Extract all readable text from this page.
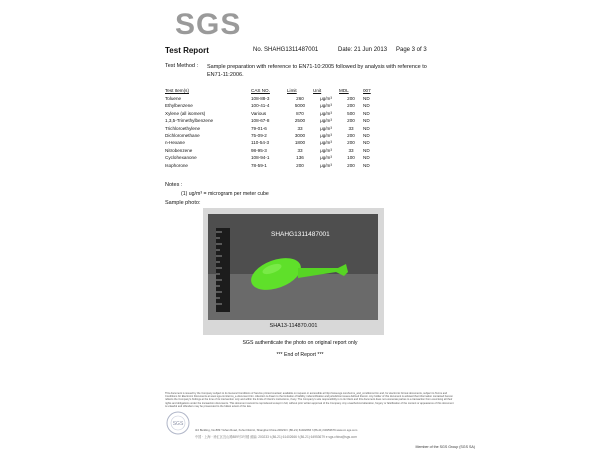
SGS
Test Report	No. SHAHG1311487001	Date: 21 Jun 2013 Page 3 of 3
Test Method : Sample preparation with reference to EN71-10:2005 followed by analysis with reference to EN71-11:2006.
Test Item(s)	CAS NO.	Limit	Unit	MDL	007
Toluene	108-88-3	260	μg/m³	200	ND
Ethylbenzene	100-41-4	5000	μg/m³	200	ND
Xylene (all isomers)	Various	870	μg/m³	500	ND
1,3,5-Trimethylbenzene	108-67-8	2500	μg/m³	200	ND
Trichloroethylene	79-01-6	33	μg/m³	33	ND
Dichloromethane	75-09-2	3000	μg/m³	200	ND
n-Hexane	110-54-3	1800	μg/m³	200	ND
Nitrobenzene	98-95-3	33	μg/m³	33	ND
Cyclohexanone	108-94-1	136	μg/m³	100	ND
Isophorone	78-59-1	200	μg/m³	200	ND
Notes :
(1) ug/m³ = microgram per meter cube
Sample photo:
SHAHG1311487001
SHA13-114870.001
SGS authenticate the photo on original report only
*** End of Report ***
This document is issued by the Company subject to its General Conditions of Service printed overleaf, available on request or accessible at http://www.sgs.com/terms_and_conditions.htm and, for electronic format documents, subject to Terms and Conditions for Electronic Documents at www.sgs.com/terms_e-document.htm. Attention is drawn to the limitation of liability, indemnification and jurisdiction issues defined therein. Any holder of this document is advised that information contained hereon reflects the Company's findings at the time of its intervention only and within the limits of Client's instructions, if any. The Company's sole responsibility is to its Client and this document does not exonerate parties to a transaction from exercising all their rights and obligations under the transaction documents. This document cannot be reproduced except in full, without prior written approval of the Company. Any unauthorized alteration, forgery or falsification of the content or appearance of this document is unlawful and offenders may be prosecuted to the fullest extent of the law.
SGS
3rd Building, No.889 Yishan Road, Xuhui District, Shanghai China 200233 t (86-21) 61402666 f (86-21) 64953679 www.cn.sgs.com
中国 · 上海 · 徐汇区宜山路889号3号楼 邮编: 200233 t (86-21) 61402666 f (86-21) 64953679 e sgs.china@sgs.com
Member of the SGS Group (SGS SA)
